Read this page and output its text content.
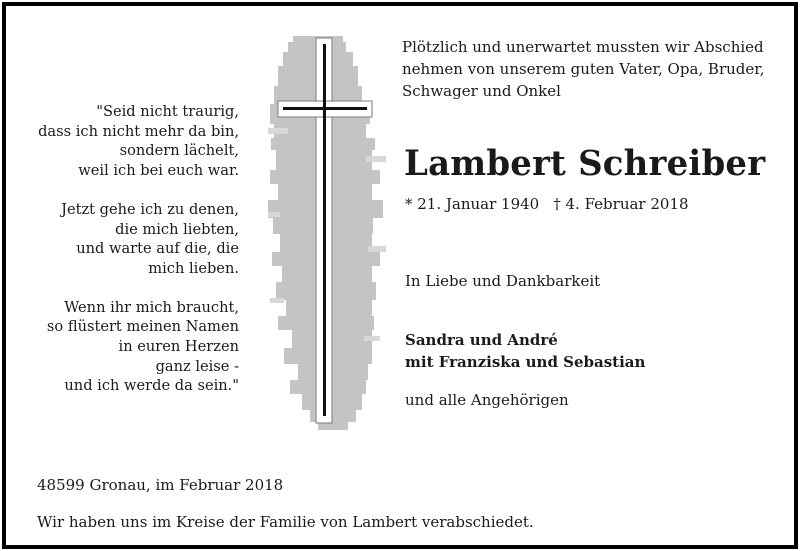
"Seid nicht traurig,
dass ich nicht mehr da bin,
sondern lächelt,
weil ich bei euch war.
Jetzt gehe ich zu denen,
die mich liebten,
und warte auf die, die
mich lieben.
Wenn ihr mich braucht,
so flüstert meinen Namen
in euren Herzen
ganz leise -
und ich werde da sein."
Plötzlich und unerwartet mussten wir Abschied
nehmen von unserem guten Vater, Opa, Bruder,
Schwager und Onkel
Lambert Schreiber
* 21. Januar 1940 † 4. Februar 2018
In Liebe und Dankbarkeit
Sandra und André
mit Franziska und Sebastian
und alle Angehörigen
48599 Gronau, im Februar 2018
Wir haben uns im Kreise der Familie von Lambert verabschiedet.
